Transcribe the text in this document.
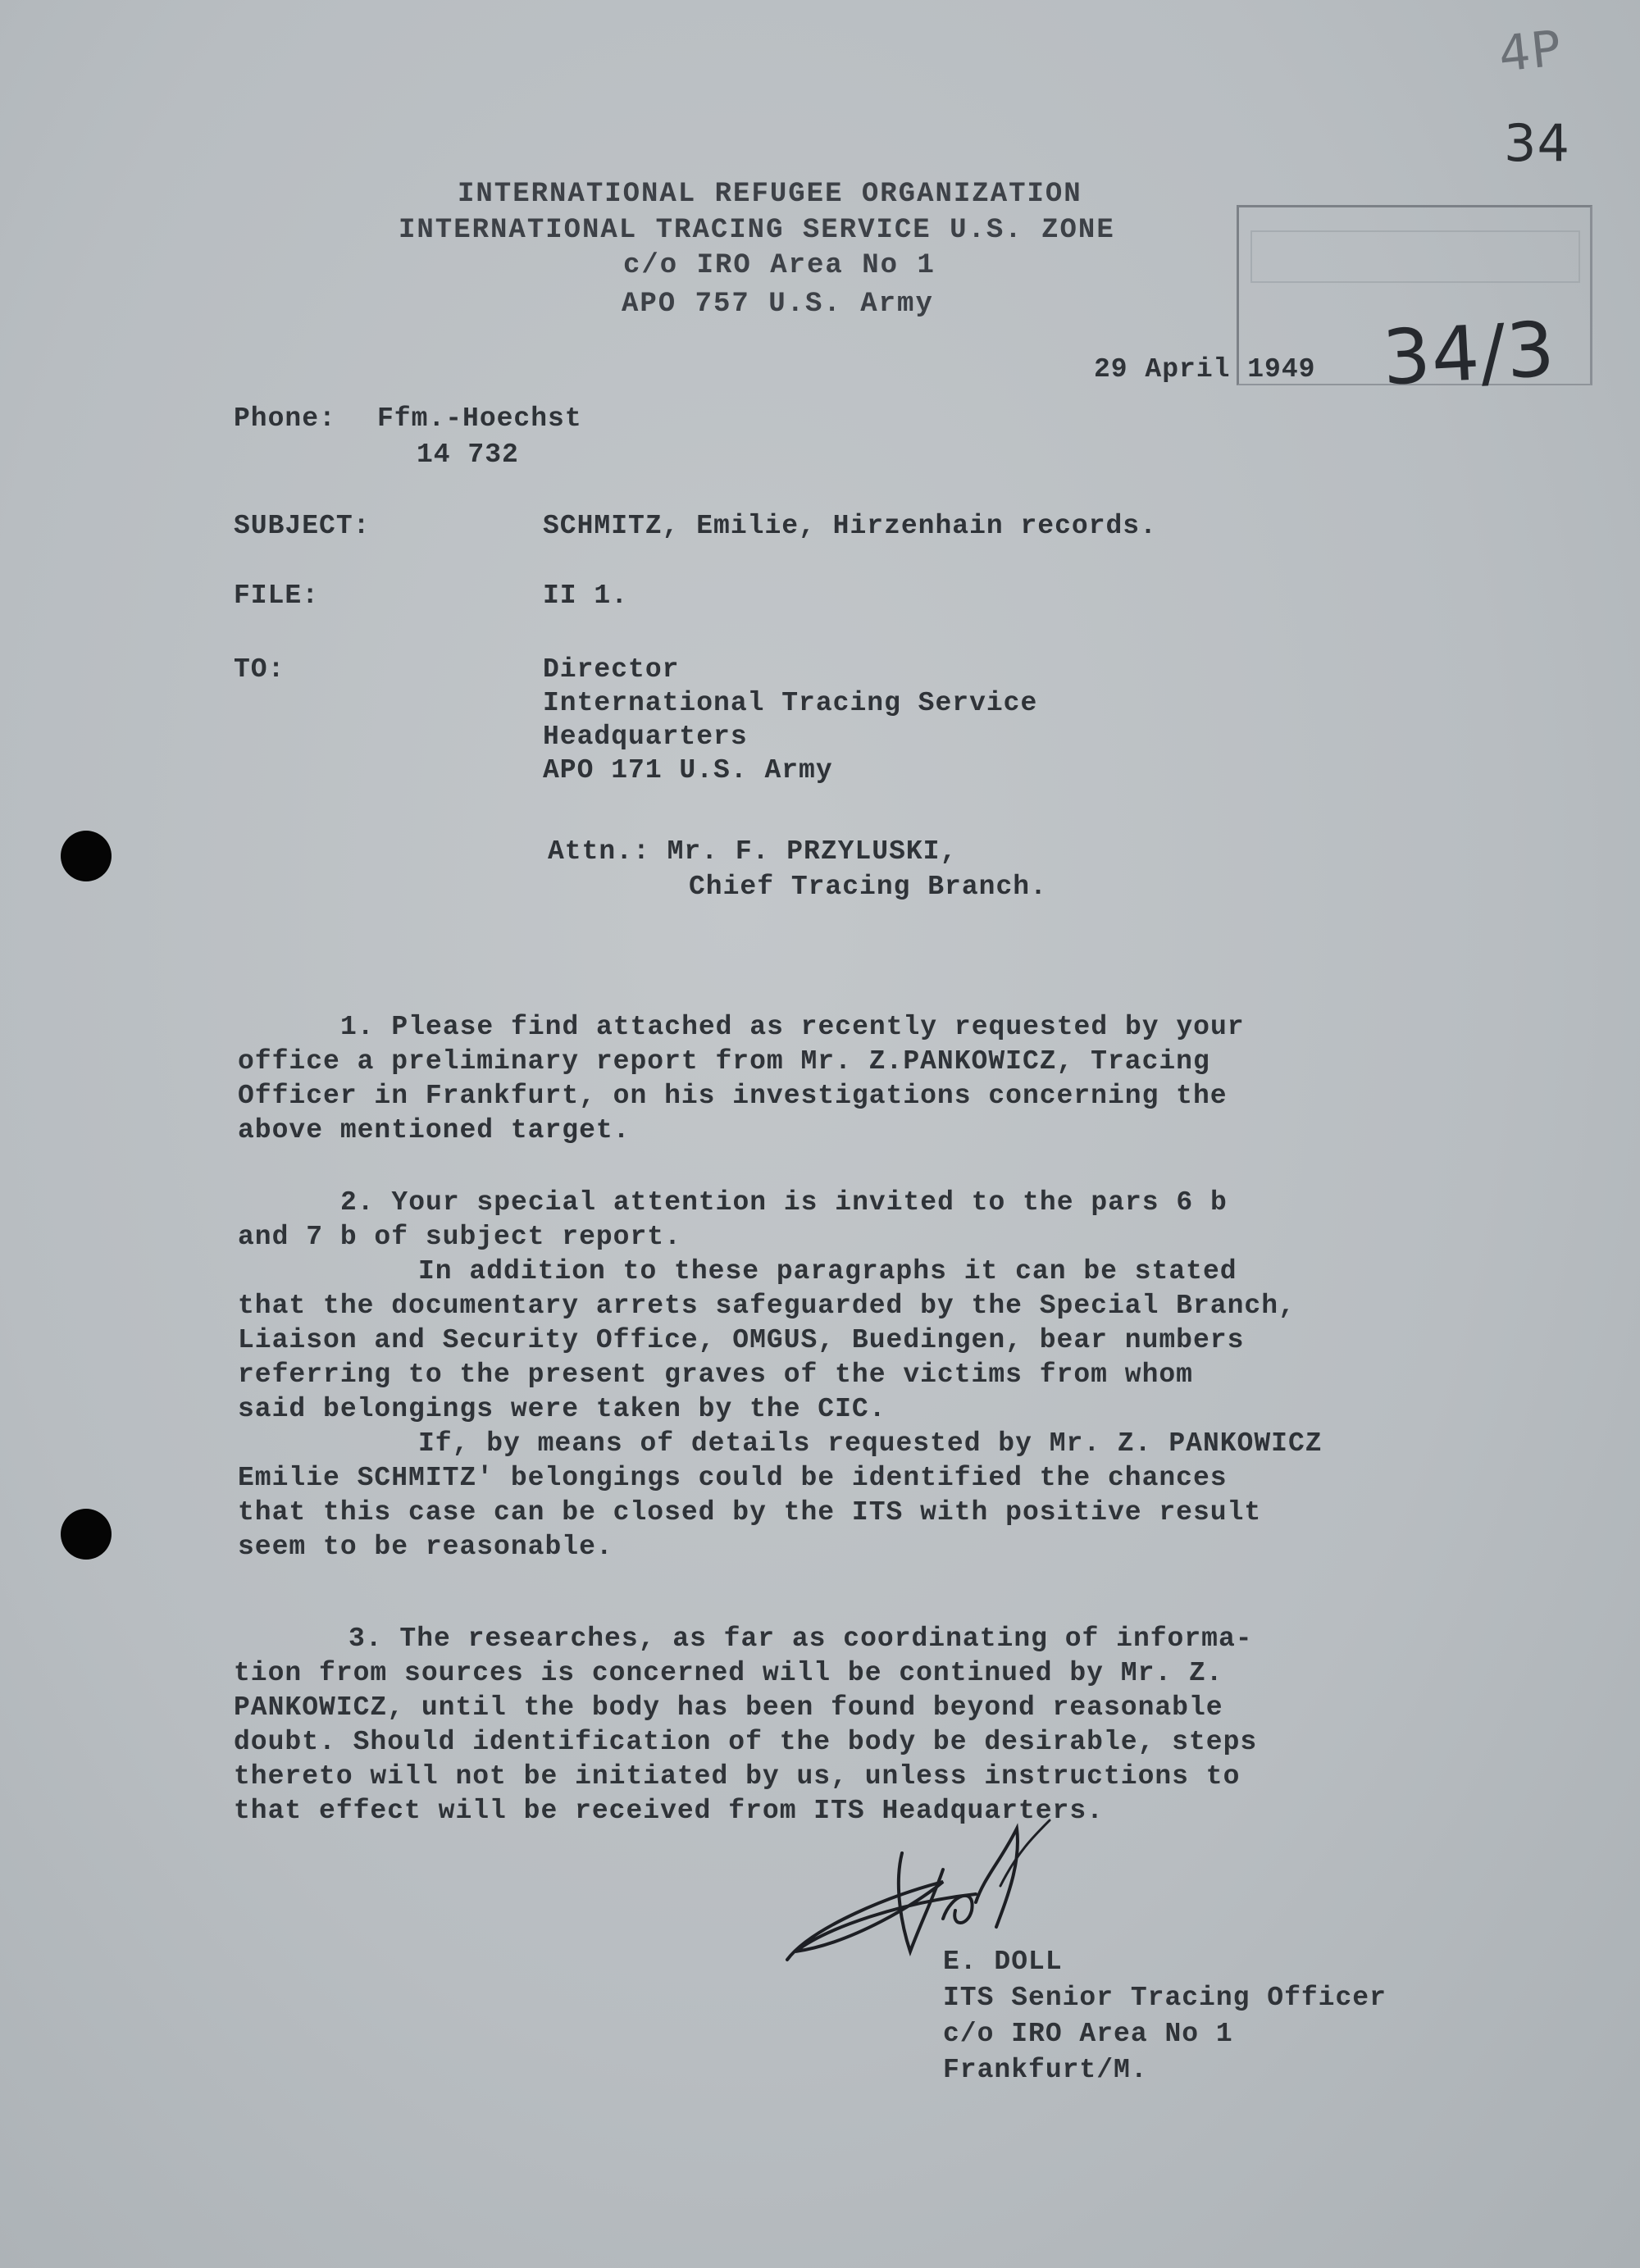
4P
34
INTERNATIONAL REFUGEE ORGANIZATION
INTERNATIONAL TRACING SERVICE U.S. ZONE
c/o IRO Area No 1
APO 757 U.S. Army
29 April 1949 34/3
Phone: Ffm.-Hoechst
14 732
SUBJECT:	SCHMITZ, Emilie, Hirzenhain records.
FILE:	II 1.
TO:	Director
International Tracing Service
Headquarters
APO 171 U.S. Army
Attn.: Mr. F. PRZYLUSKI,
Chief Tracing Branch.
1. Please find attached as recently requested by your
office a preliminary report from Mr. Z.PANKOWICZ, Tracing
Officer in Frankfurt, on his investigations concerning the
above mentioned target.
2. Your special attention is invited to the pars 6 b
and 7 b of subject report.
In addition to these paragraphs it can be stated
that the documentary arrets safeguarded by the Special Branch,
Liaison and Security Office, OMGUS, Buedingen, bear numbers
referring to the present graves of the victims from whom
said belongings were taken by the CIC.
If, by means of details requested by Mr. Z. PANKOWICZ
Emilie SCHMITZ' belongings could be identified the chances
that this case can be closed by the ITS with positive result
seem to be reasonable.
3. The researches, as far as coordinating of informa-
tion from sources is concerned will be continued by Mr. Z.
PANKOWICZ, until the body has been found beyond reasonable
doubt. Should identification of the body be desirable, steps
thereto will not be initiated by us, unless instructions to
that effect will be received from ITS Headquarters.
E. DOLL
ITS Senior Tracing Officer
c/o IRO Area No 1
Frankfurt/M.
